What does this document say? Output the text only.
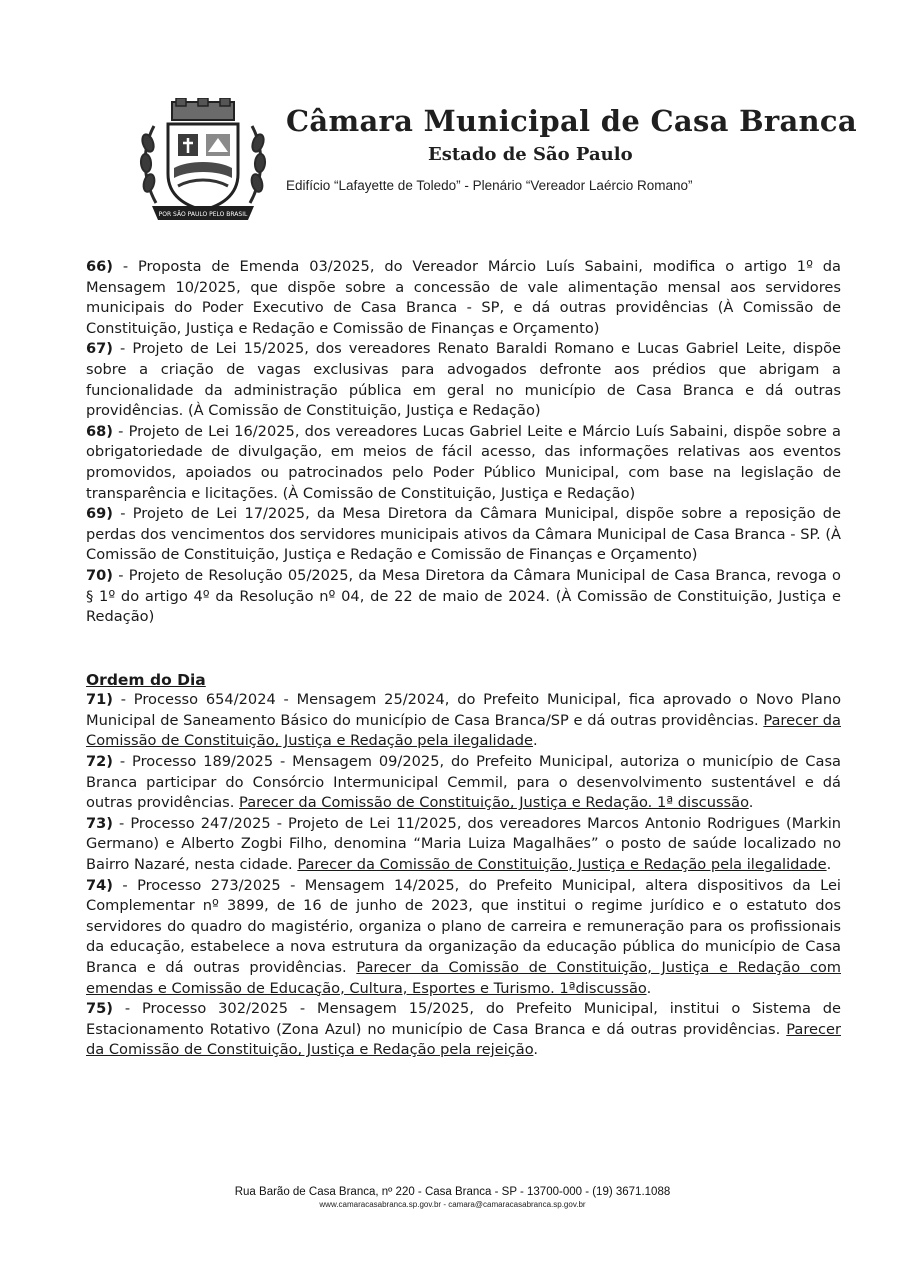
POR SÃO PAULO PELO BRASIL
Câmara Municipal de Casa Branca
Estado de São Paulo
Edifício “Lafayette de Toledo” - Plenário “Vereador Laércio Romano”

66) - Proposta de Emenda 03/2025, do Vereador Márcio Luís Sabaini, modifica o artigo 1º da Mensagem 10/2025, que dispõe sobre a concessão de vale alimentação mensal aos servidores municipais do Poder Executivo de Casa Branca - SP, e dá outras providências (À Comissão de Constituição, Justiça e Redação e Comissão de Finanças e Orçamento)

67) - Projeto de Lei 15/2025, dos vereadores Renato Baraldi Romano e Lucas Gabriel Leite, dispõe sobre a criação de vagas exclusivas para advogados defronte aos prédios que abrigam a funcionalidade da administração pública em geral no município de Casa Branca e dá outras providências. (À Comissão de Constituição, Justiça e Redação)

68) - Projeto de Lei 16/2025, dos vereadores Lucas Gabriel Leite e Márcio Luís Sabaini, dispõe sobre a obrigatoriedade de divulgação, em meios de fácil acesso, das informações relativas aos eventos promovidos, apoiados ou patrocinados pelo Poder Público Municipal, com base na legislação de transparência e licitações. (À Comissão de Constituição, Justiça e Redação)

69) - Projeto de Lei 17/2025, da Mesa Diretora da Câmara Municipal, dispõe sobre a reposição de perdas dos vencimentos dos servidores municipais ativos da Câmara Municipal de Casa Branca - SP. (À Comissão de Constituição, Justiça e Redação e Comissão de Finanças e Orçamento)

70) - Projeto de Resolução 05/2025, da Mesa Diretora da Câmara Municipal de Casa Branca, revoga o § 1º do artigo 4º da Resolução nº 04, de 22 de maio de 2024. (À Comissão de Constituição, Justiça e Redação)

Ordem do Dia

71) - Processo 654/2024 - Mensagem 25/2024, do Prefeito Municipal, fica aprovado o Novo Plano Municipal de Saneamento Básico do município de Casa Branca/SP e dá outras providências. Parecer da Comissão de Constituição, Justiça e Redação pela ilegalidade.

72) - Processo 189/2025 - Mensagem 09/2025, do Prefeito Municipal, autoriza o município de Casa Branca participar do Consórcio Intermunicipal Cemmil, para o desenvolvimento sustentável e dá outras providências. Parecer da Comissão de Constituição, Justiça e Redação. 1ª discussão.

73) - Processo 247/2025 - Projeto de Lei 11/2025, dos vereadores Marcos Antonio Rodrigues (Markin Germano) e Alberto Zogbi Filho, denomina “Maria Luiza Magalhães” o posto de saúde localizado no Bairro Nazaré, nesta cidade. Parecer da Comissão de Constituição, Justiça e Redação pela ilegalidade.

74) - Processo 273/2025 - Mensagem 14/2025, do Prefeito Municipal, altera dispositivos da Lei Complementar nº 3899, de 16 de junho de 2023, que institui o regime jurídico e o estatuto dos servidores do quadro do magistério, organiza o plano de carreira e remuneração para os profissionais da educação, estabelece a nova estrutura da organização da educação pública do município de Casa Branca e dá outras providências. Parecer da Comissão de Constituição, Justiça e Redação com emendas e Comissão de Educação, Cultura, Esportes e Turismo. 1ªdiscussão.

75) - Processo 302/2025 - Mensagem 15/2025, do Prefeito Municipal, institui o Sistema de Estacionamento Rotativo (Zona Azul) no município de Casa Branca e dá outras providências. Parecer da Comissão de Constituição, Justiça e Redação pela rejeição.

Rua Barão de Casa Branca, nº 220 - Casa Branca - SP - 13700-000 - (19) 3671.1088
www.camaracasabranca.sp.gov.br - camara@camaracasabranca.sp.gov.br
